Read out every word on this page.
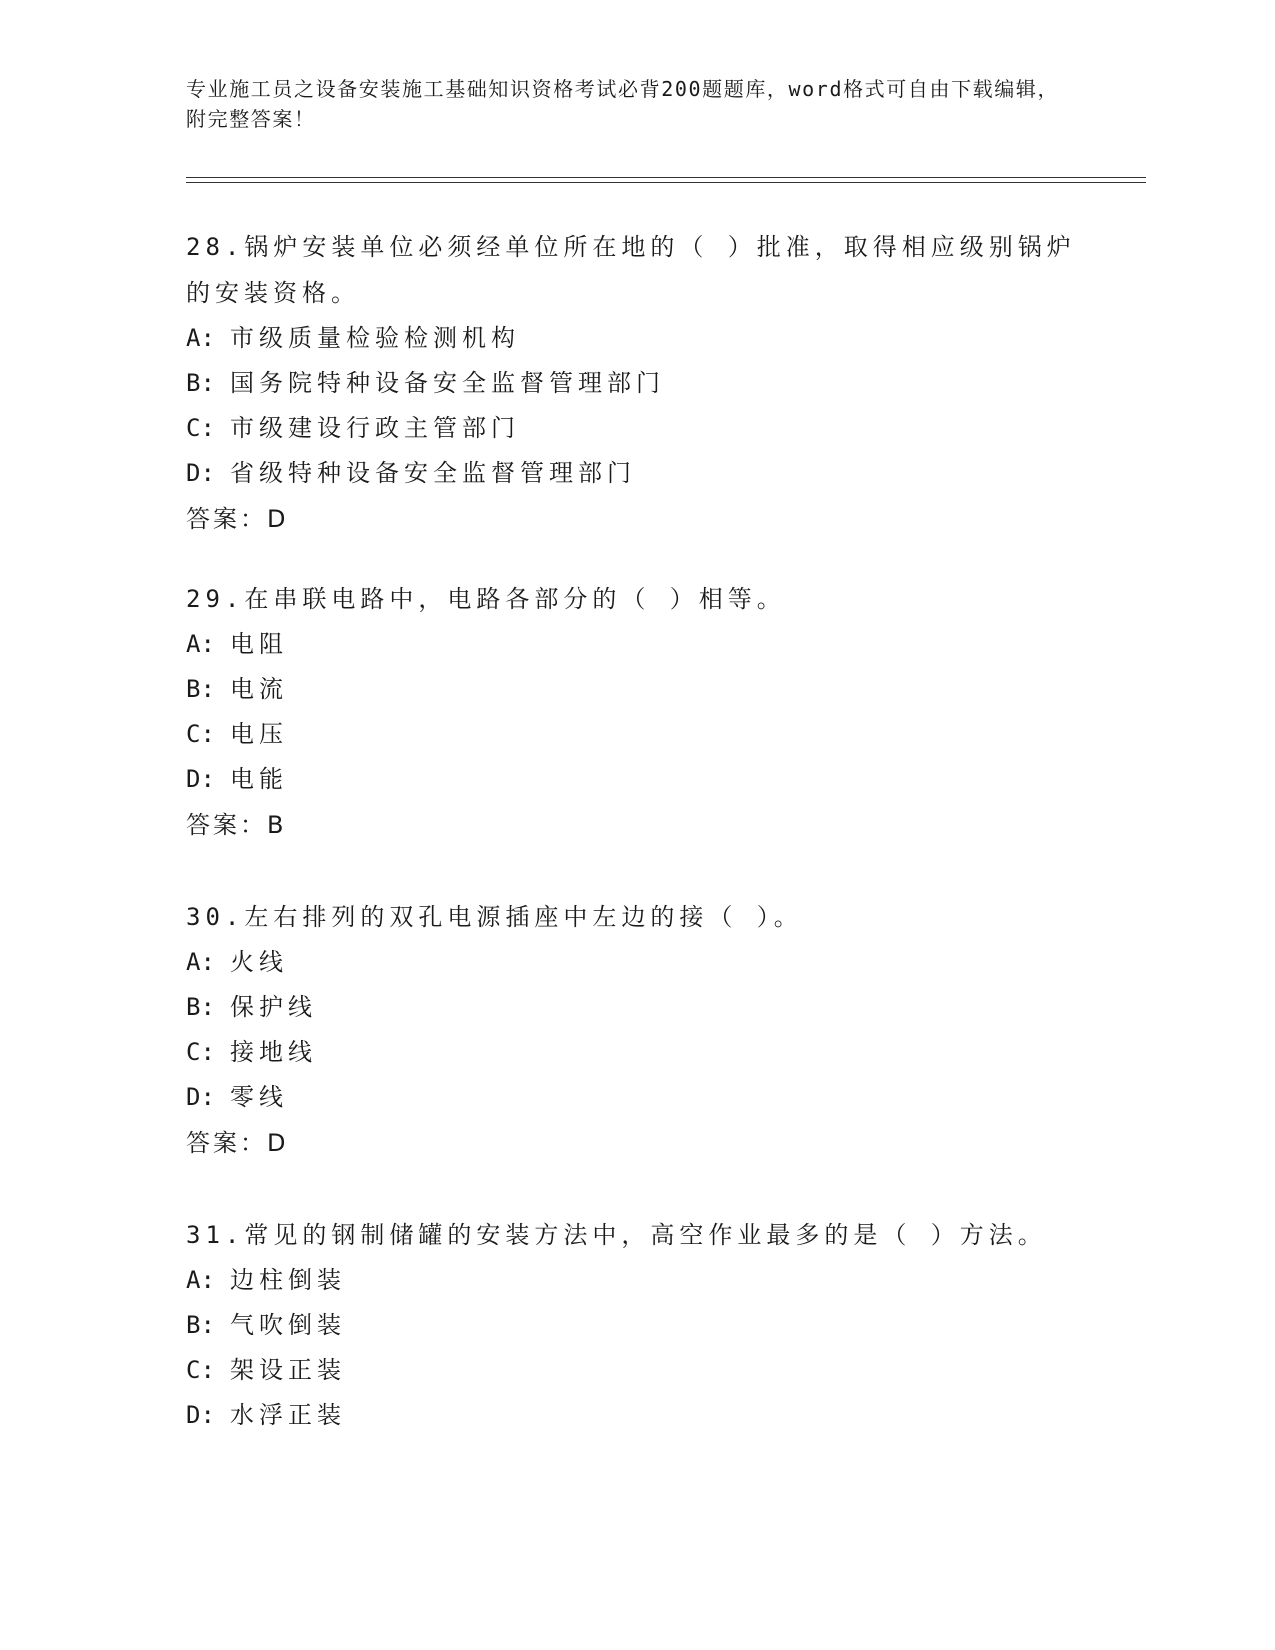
专业施工员之设备安装施工基础知识资格考试必背200题题库，word格式可自由下载编辑，附完整答案！
28.锅炉安装单位必须经单位所在地的（ ）批准，取得相应级别锅炉的安装资格。
A: 市级质量检验检测机构
B: 国务院特种设备安全监督管理部门
C: 市级建设行政主管部门
D: 省级特种设备安全监督管理部门
答案：D
29.在串联电路中，电路各部分的（ ）相等。
A: 电阻
B: 电流
C: 电压
D: 电能
答案：B
30.左右排列的双孔电源插座中左边的接（ ）。
A: 火线
B: 保护线
C: 接地线
D: 零线
答案：D
31.常见的钢制储罐的安装方法中，高空作业最多的是（ ）方法。
A: 边柱倒装
B: 气吹倒装
C: 架设正装
D: 水浮正装
